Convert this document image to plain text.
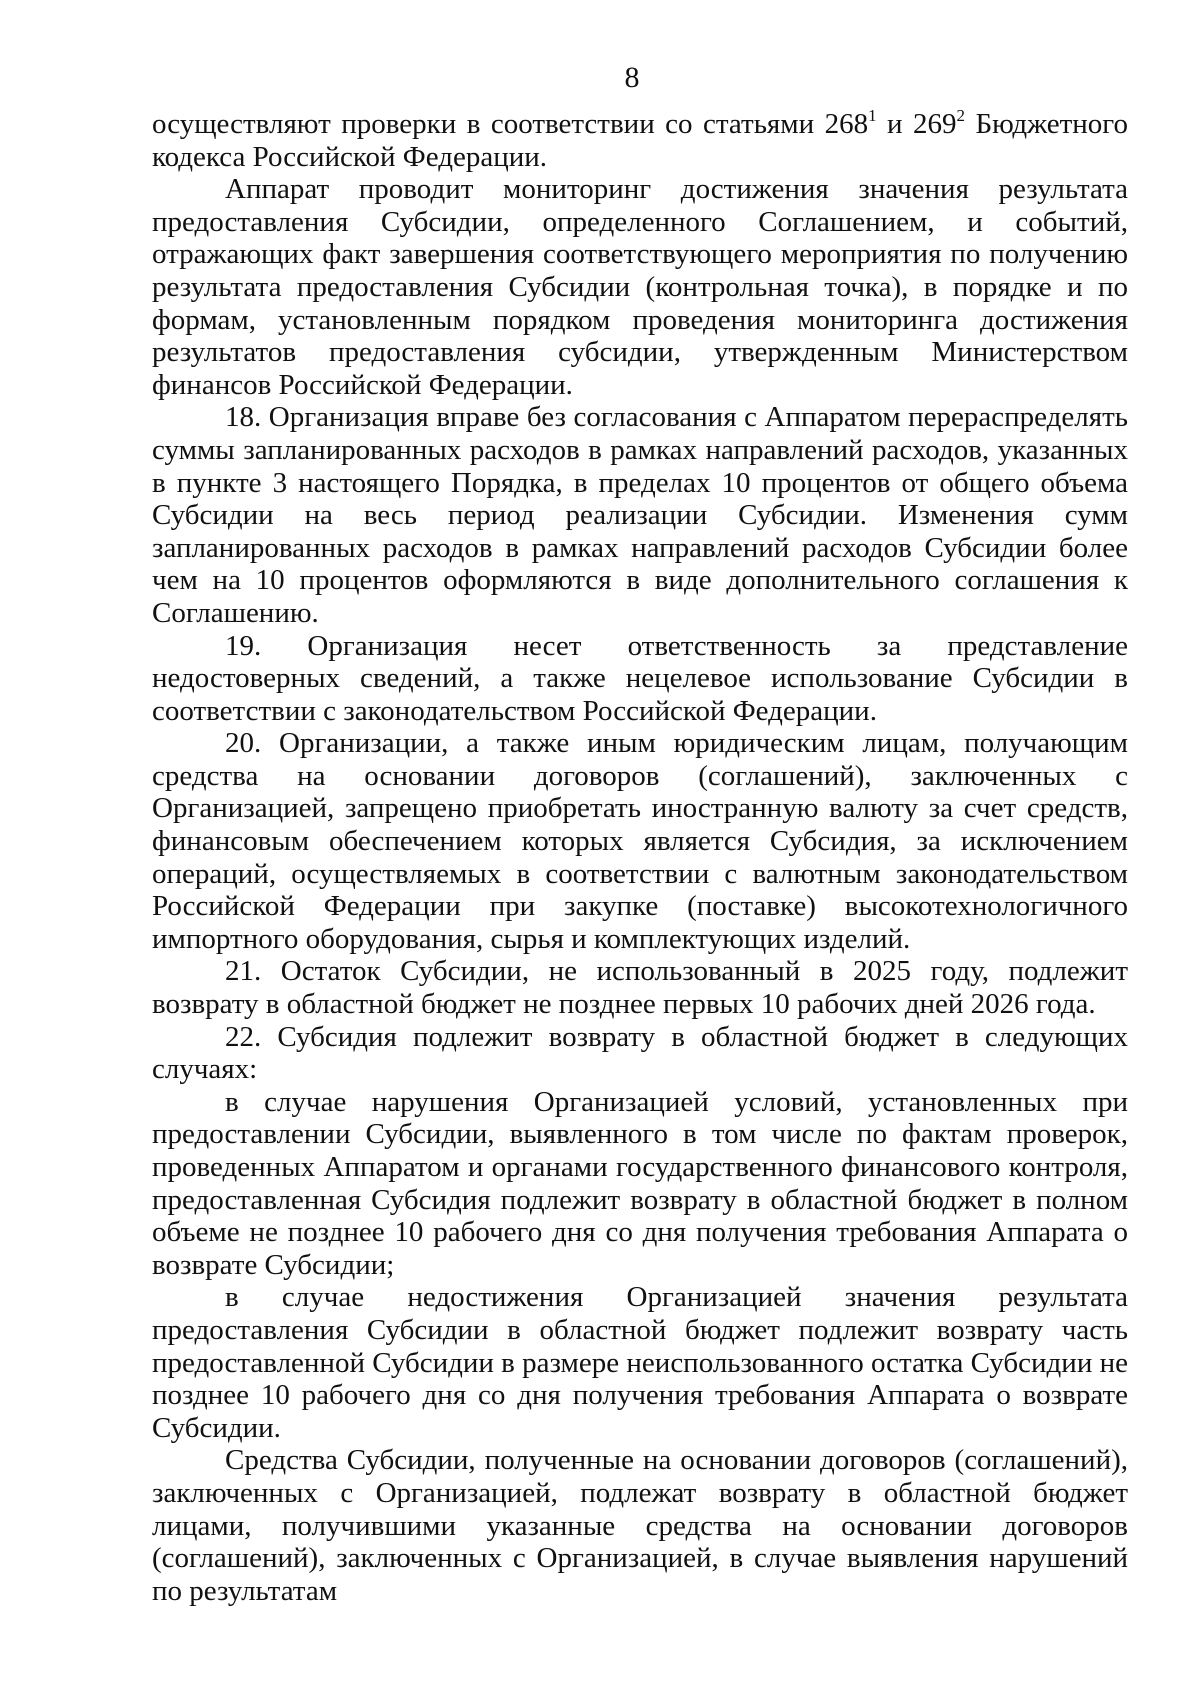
8

осуществляют проверки в соответствии со статьями $268^1$ и $269^2$ Бюджетного кодекса Российской Федерации.

Аппарат проводит мониторинг достижения значения результата предоставления Субсидии, определенного Соглашением, и событий, отражающих факт завершения соответствующего мероприятия по получению результата предоставления Субсидии (контрольная точка), в порядке и по формам, установленным порядком проведения мониторинга достижения результатов предоставления субсидии, утвержденным Министерством финансов Российской Федерации.

18. Организация вправе без согласования с Аппаратом перераспределять суммы запланированных расходов в рамках направлений расходов, указанных в пункте 3 настоящего Порядка, в пределах 10 процентов от общего объема Субсидии на весь период реализации Субсидии. Изменения сумм запланированных расходов в рамках направлений расходов Субсидии более чем на 10 процентов оформляются в виде дополнительного соглашения к Соглашению.

19. Организация несет ответственность за представление недостоверных сведений, а также нецелевое использование Субсидии в соответствии с законодательством Российской Федерации.

20. Организации, а также иным юридическим лицам, получающим средства на основании договоров (соглашений), заключенных с Организацией, запрещено приобретать иностранную валюту за счет средств, финансовым обеспечением которых является Субсидия, за исключением операций, осуществляемых в соответствии с валютным законодательством Российской Федерации при закупке (поставке) высокотехнологичного импортного оборудования, сырья и комплектующих изделий.

21. Остаток Субсидии, не использованный в 2025 году, подлежит возврату в областной бюджет не позднее первых 10 рабочих дней 2026 года.

22. Субсидия подлежит возврату в областной бюджет в следующих случаях:

в случае нарушения Организацией условий, установленных при предоставлении Субсидии, выявленного в том числе по фактам проверок, проведенных Аппаратом и органами государственного финансового контроля, предоставленная Субсидия подлежит возврату в областной бюджет в полном объеме не позднее 10 рабочего дня со дня получения требования Аппарата о возврате Субсидии;

в случае недостижения Организацией значения результата предоставления Субсидии в областной бюджет подлежит возврату часть предоставленной Субсидии в размере неиспользованного остатка Субсидии не позднее 10 рабочего дня со дня получения требования Аппарата о возврате Субсидии.

Средства Субсидии, полученные на основании договоров (соглашений), заключенных с Организацией, подлежат возврату в областной бюджет лицами, получившими указанные средства на основании договоров (соглашений), заключенных с Организацией, в случае выявления нарушений по результатам
